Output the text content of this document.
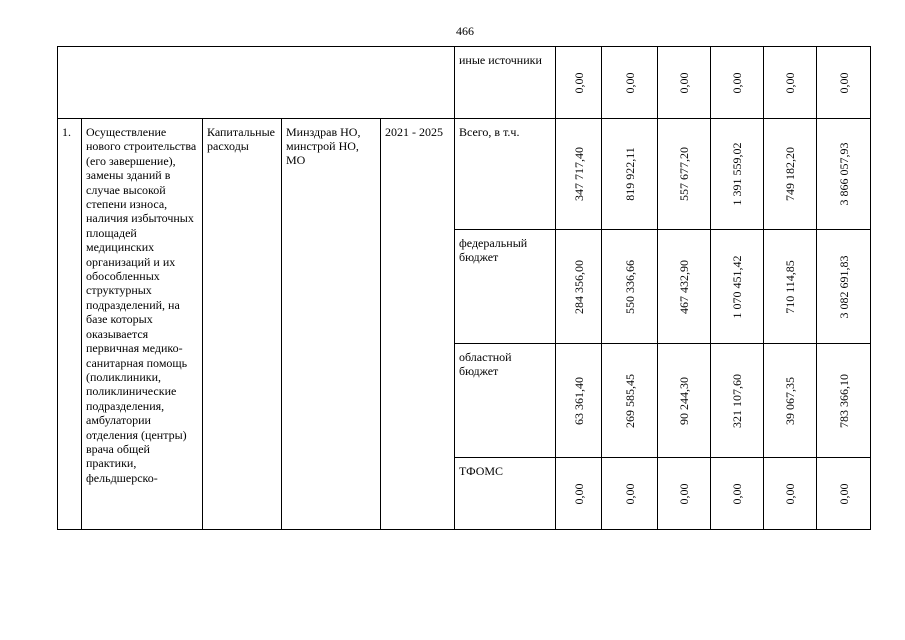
466

					иные источники	0,00	0,00	0,00	0,00	0,00	0,00

1.	Осуществление нового строительства (его завершение), замены зданий в случае высокой степени износа, наличия избыточных площадей медицинских организаций и их обособленных структурных подразделений, на базе которых оказывается первичная медико-санитарная помощь (поликлиники, поликлинические подразделения, амбулатории отделения (центры) врача общей практики, фельдшерско-	Капитальные расходы	Минздрав НО, минстрой НО, МО	2021 - 2025	Всего, в т.ч.	347 717,40	819 922,11	557 677,20	1 391 559,02	749 182,20	3 866 057,93

					федеральный бюджет	284 356,00	550 336,66	467 432,90	1 070 451,42	710 114,85	3 082 691,83

					областной бюджет	63 361,40	269 585,45	90 244,30	321 107,60	39 067,35	783 366,10

					ТФОМС	0,00	0,00	0,00	0,00	0,00	0,00
